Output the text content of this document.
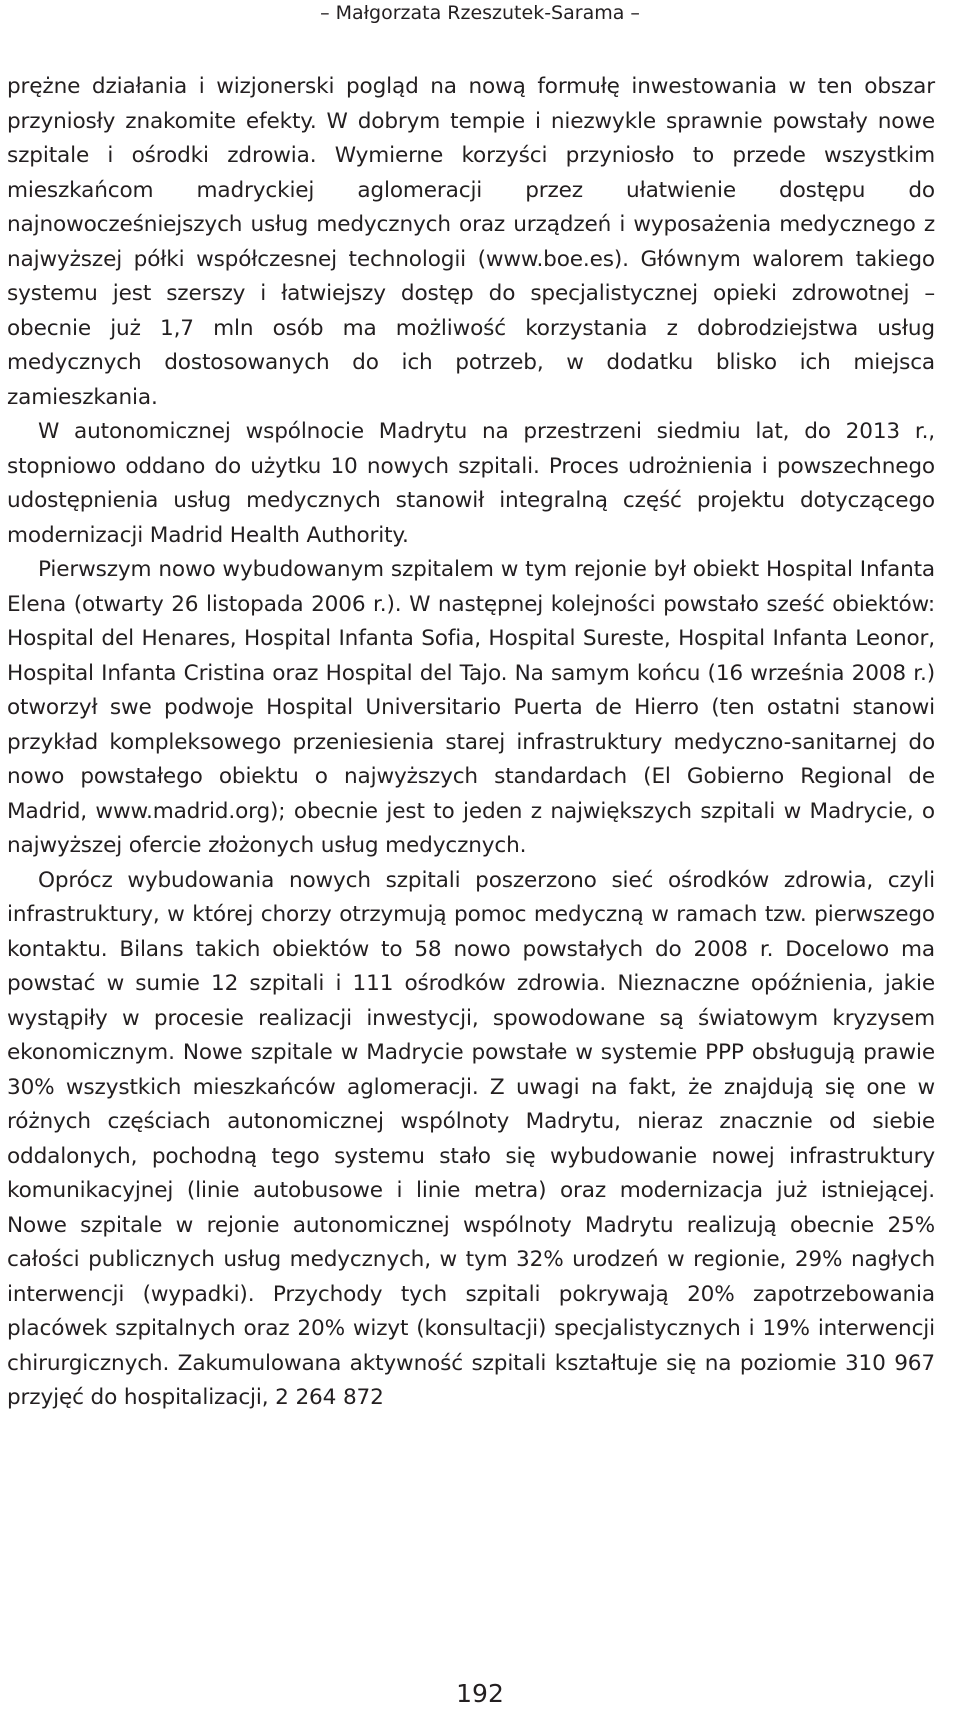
– Małgorzata Rzeszutek-Sarama –

prężne działania i wizjonerski pogląd na nową formułę inwestowania w ten obszar przyniosły znakomite efekty. W dobrym tempie i niezwykle sprawnie powstały nowe szpitale i ośrodki zdrowia. Wymierne korzyści przyniosło to przede wszystkim mieszkańcom madryckiej aglomeracji przez ułatwienie dostępu do najnowocześniejszych usług medycznych oraz urządzeń i wyposażenia medycznego z najwyższej półki współczesnej technologii (www.boe.es). Głównym walorem takiego systemu jest szerszy i łatwiejszy dostęp do specjalistycznej opieki zdrowotnej – obecnie już 1,7 mln osób ma możliwość korzystania z dobrodziejstwa usług medycznych dostosowanych do ich potrzeb, w dodatku blisko ich miejsca zamieszkania.

W autonomicznej wspólnocie Madrytu na przestrzeni siedmiu lat, do 2013 r., stopniowo oddano do użytku 10 nowych szpitali. Proces udrożnienia i powszechnego udostępnienia usług medycznych stanowił integralną część projektu dotyczącego modernizacji Madrid Health Authority.

Pierwszym nowo wybudowanym szpitalem w tym rejonie był obiekt Hospital Infanta Elena (otwarty 26 listopada 2006 r.). W następnej kolejności powstało sześć obiektów: Hospital del Henares, Hospital Infanta Sofia, Hospital Sureste, Hospital Infanta Leonor, Hospital Infanta Cristina oraz Hospital del Tajo. Na samym końcu (16 września 2008 r.) otworzył swe podwoje Hospital Universitario Puerta de Hierro (ten ostatni stanowi przykład kompleksowego przeniesienia starej infrastruktury medyczno-sanitarnej do nowo powstałego obiektu o najwyższych standardach (El Gobierno Regional de Madrid, www.madrid.org); obecnie jest to jeden z największych szpitali w Madrycie, o najwyższej ofercie złożonych usług medycznych.

Oprócz wybudowania nowych szpitali poszerzono sieć ośrodków zdrowia, czyli infrastruktury, w której chorzy otrzymują pomoc medyczną w ramach tzw. pierwszego kontaktu. Bilans takich obiektów to 58 nowo powstałych do 2008 r. Docelowo ma powstać w sumie 12 szpitali i 111 ośrodków zdrowia. Nieznaczne opóźnienia, jakie wystąpiły w procesie realizacji inwestycji, spowodowane są światowym kryzysem ekonomicznym. Nowe szpitale w Madrycie powstałe w systemie PPP obsługują prawie 30% wszystkich mieszkańców aglomeracji. Z uwagi na fakt, że znajdują się one w różnych częściach autonomicznej wspólnoty Madrytu, nieraz znacznie od siebie oddalonych, pochodną tego systemu stało się wybudowanie nowej infrastruktury komunikacyjnej (linie autobusowe i linie metra) oraz modernizacja już istniejącej. Nowe szpitale w rejonie autonomicznej wspólnoty Madrytu realizują obecnie 25% całości publicznych usług medycznych, w tym 32% urodzeń w regionie, 29% nagłych interwencji (wypadki). Przychody tych szpitali pokrywają 20% zapotrzebowania placówek szpitalnych oraz 20% wizyt (konsultacji) specjalistycznych i 19% interwencji chirurgicznych. Zakumulowana aktywność szpitali kształtuje się na poziomie 310 967 przyjęć do hospitalizacji, 2 264 872

192
